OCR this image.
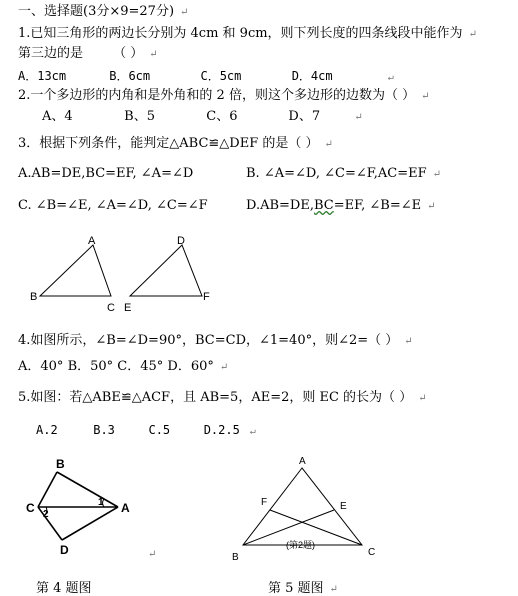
一、选择题(3分×9=27分) ↵
1.已知三角形的两边长分别为 4cm 和 9cm，则下列长度的四条线段中能作为 ↵
第三边的是 （ ） ↵
A．13cm	B．6cm	C．5cm	D．4cm	↵
2.一个多边形的内角和是外角和的 2 倍，则这个多边形的边数为（ ） ↵
A、4	B、5	C、6	D、7	↵
3．根据下列条件，能判定△ABC≌△DEF 的是（ ） ↵
A.AB=DE,BC=EF, ∠A=∠D	B. ∠A=∠D, ∠C=∠F,AC=EF ↵
C. ∠B=∠E, ∠A=∠D, ∠C=∠F	D.AB=DE,BC=EF, ∠B=∠E ↵
A
B
C
D
E
F
B
C	A
D
1
2
A
F	E
B	C
(第2题)
4.如图所示，∠B=∠D=90°，BC=CD，∠1=40°，则∠2=（ ） ↵
A．40° B．50° C．45° D．60° ↵
5.如图：若△ABE≌△ACF，且 AB=5，AE=2，则 EC 的长为（ ） ↵
A.2	B.3	C.5	D.2.5 ↵
↵
第 4 题图	第 5 题图 ↵
